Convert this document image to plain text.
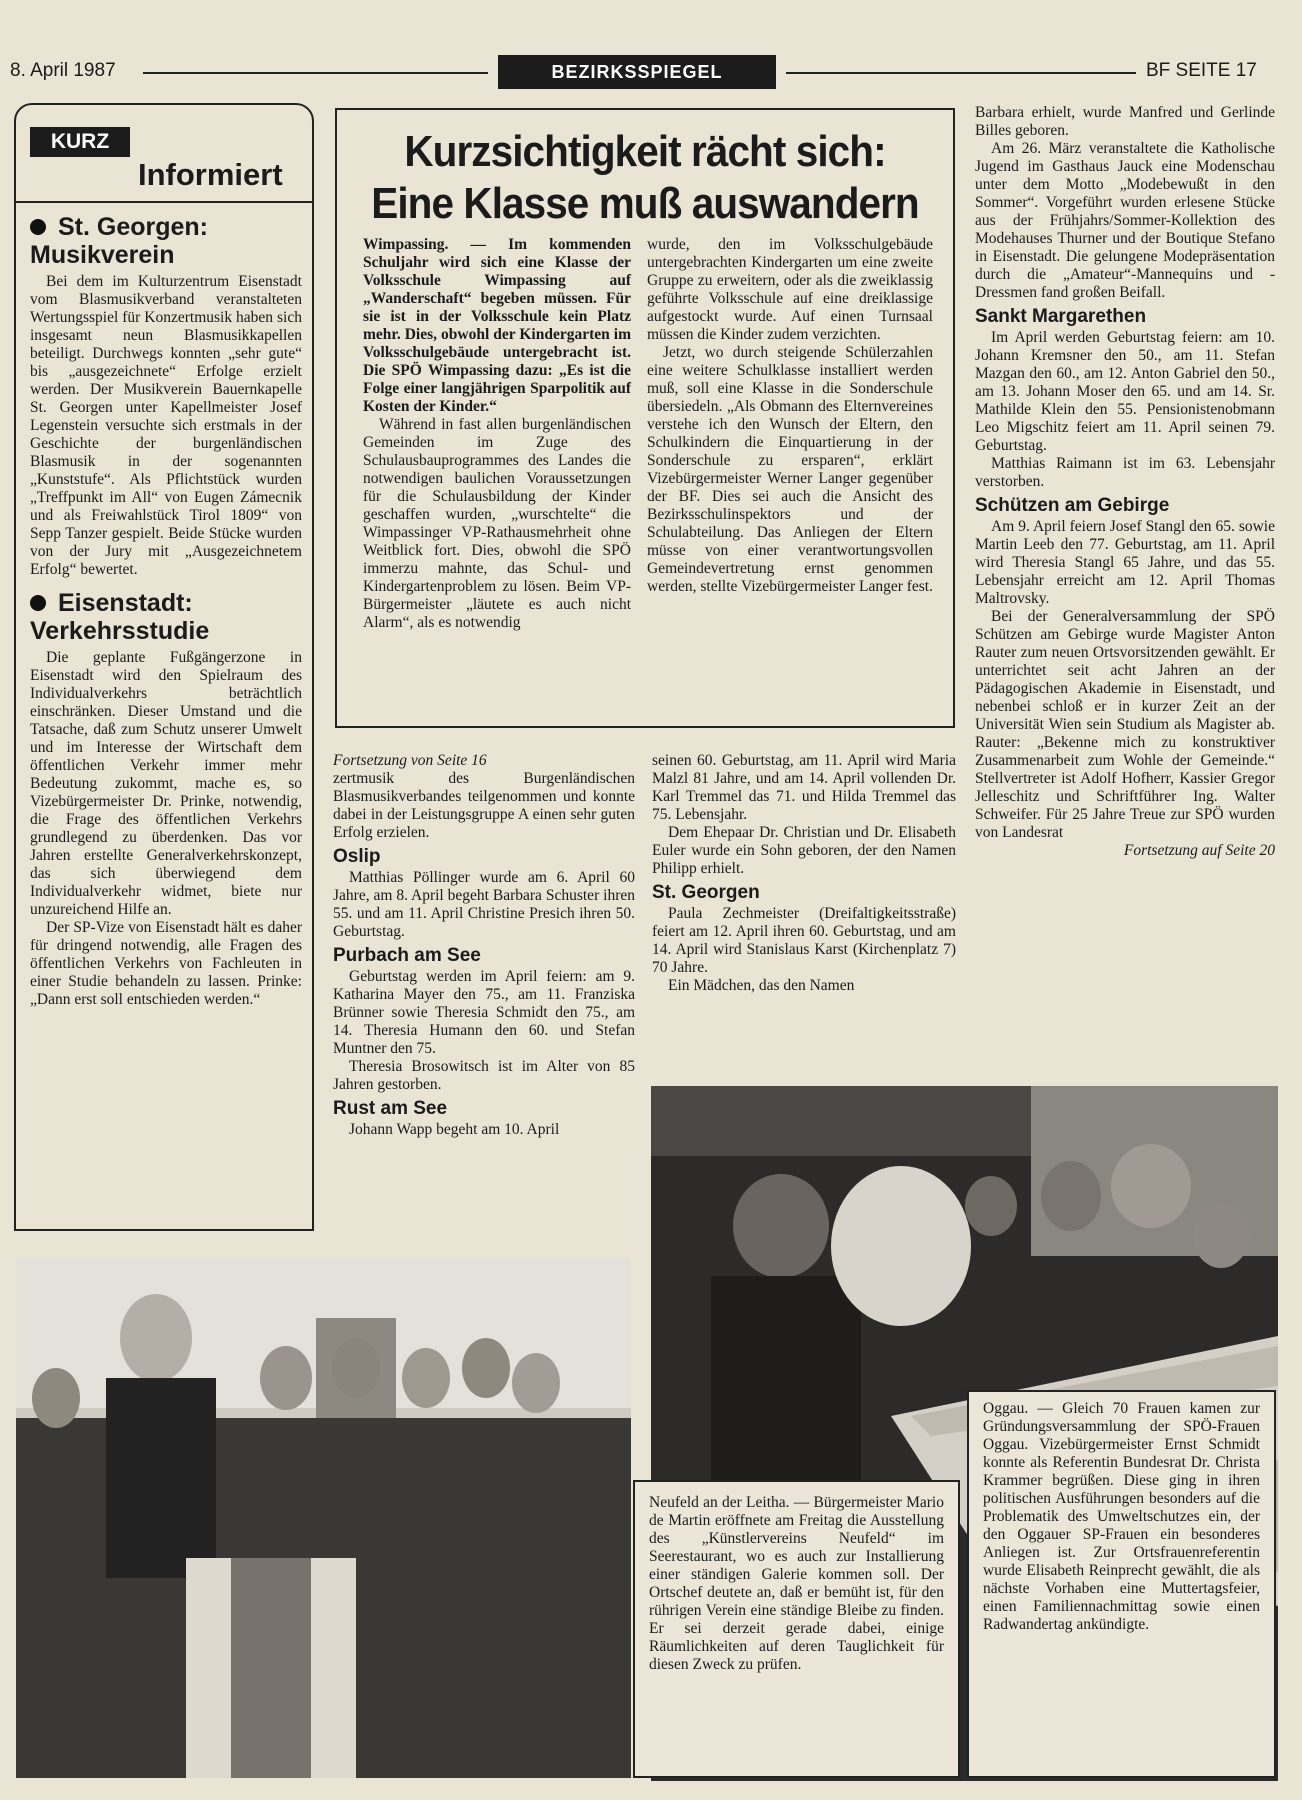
8. April 1987	BEZIRKSSPIEGEL	BF SEITE 17
KURZ
Informiert
St. Georgen: Musikverein

Bei dem im Kulturzentrum Eisenstadt vom Blasmusikverband veranstalteten Wertungsspiel für Konzertmusik haben sich insgesamt neun Blasmusikkapellen beteiligt. Durchwegs konnten „sehr gute“ bis „ausgezeichnete“ Erfolge erzielt werden. Der Musikverein Bauernkapelle St. Georgen unter Kapellmeister Josef Legenstein versuchte sich erstmals in der Geschichte der burgenländischen Blasmusik in der sogenannten „Kunststufe“. Als Pflichtstück wurden „Treffpunkt im All“ von Eugen Zámecnik und als Freiwahlstück Tirol 1809“ von Sepp Tanzer gespielt. Beide Stücke wurden von der Jury mit „Ausgezeichnetem Erfolg“ bewertet.

Eisenstadt: Verkehrsstudie

Die geplante Fußgängerzone in Eisenstadt wird den Spielraum des Individualverkehrs beträchtlich einschränken. Dieser Umstand und die Tatsache, daß zum Schutz unserer Umwelt und im Interesse der Wirtschaft dem öffentlichen Verkehr immer mehr Bedeutung zukommt, mache es, so Vizebürgermeister Dr. Prinke, notwendig, die Frage des öffentlichen Verkehrs grundlegend zu überdenken. Das vor Jahren erstellte Generalverkehrskonzept, das sich überwiegend dem Individualverkehr widmet, biete nur unzureichend Hilfe an.

Der SP-Vize von Eisenstadt hält es daher für dringend notwendig, alle Fragen des öffentlichen Verkehrs von Fachleuten in einer Studie behandeln zu lassen. Prinke: „Dann erst soll entschieden werden.“

Kurzsichtigkeit rächt sich:
Eine Klasse muß auswandern

Wimpassing. — Im kommenden Schuljahr wird sich eine Klasse der Volksschule Wimpassing auf „Wanderschaft“ begeben müssen. Für sie ist in der Volksschule kein Platz mehr. Dies, obwohl der Kindergarten im Volksschulgebäude untergebracht ist. Die SPÖ Wimpassing dazu: „Es ist die Folge einer langjährigen Sparpolitik auf Kosten der Kinder.“

Während in fast allen burgenländischen Gemeinden im Zuge des Schulausbauprogrammes des Landes die notwendigen baulichen Voraussetzungen für die Schulausbildung der Kinder geschaffen wurden, „wurschtelte“ die Wimpassinger VP-Rathausmehrheit ohne Weitblick fort. Dies, obwohl die SPÖ immerzu mahnte, das Schul- und Kindergartenproblem zu lösen. Beim VP-Bürgermeister „läutete es auch nicht Alarm“, als es notwendig

wurde, den im Volksschulgebäude untergebrachten Kindergarten um eine zweite Gruppe zu erweitern, oder als die zweiklassig geführte Volksschule auf eine dreiklassige aufgestockt wurde. Auf einen Turnsaal müssen die Kinder zudem verzichten.

Jetzt, wo durch steigende Schülerzahlen eine weitere Schulklasse installiert werden muß, soll eine Klasse in die Sonderschule übersiedeln. „Als Obmann des Elternvereines verstehe ich den Wunsch der Eltern, den Schulkindern die Einquartierung in der Sonderschule zu ersparen“, erklärt Vizebürgermeister Werner Langer gegenüber der BF. Dies sei auch die Ansicht des Bezirksschulinspektors und der Schulabteilung. Das Anliegen der Eltern müsse von einer verantwortungsvollen Gemeindevertretung ernst genommen werden, stellte Vizebürgermeister Langer fest.

Fortsetzung von Seite 16

zertmusik des Burgenländischen Blasmusikverbandes teilgenommen und konnte dabei in der Leistungsgruppe A einen sehr guten Erfolg erzielen.

Oslip

Matthias Pöllinger wurde am 6. April 60 Jahre, am 8. April begeht Barbara Schuster ihren 55. und am 11. April Christine Presich ihren 50. Geburtstag.

Purbach am See

Geburtstag werden im April feiern: am 9. Katharina Mayer den 75., am 11. Franziska Brünner sowie Theresia Schmidt den 75., am 14. Theresia Humann den 60. und Stefan Muntner den 75.

Theresia Brosowitsch ist im Alter von 85 Jahren gestorben.

Rust am See

Johann Wapp begeht am 10. April

seinen 60. Geburtstag, am 11. April wird Maria Malzl 81 Jahre, und am 14. April vollenden Dr. Karl Tremmel das 71. und Hilda Tremmel das 75. Lebensjahr.

Dem Ehepaar Dr. Christian und Dr. Elisabeth Euler wurde ein Sohn geboren, der den Namen Philipp erhielt.

St. Georgen

Paula Zechmeister (Dreifaltigkeitsstraße) feiert am 12. April ihren 60. Geburtstag, und am 14. April wird Stanislaus Karst (Kirchenplatz 7) 70 Jahre.

Ein Mädchen, das den Namen

Barbara erhielt, wurde Manfred und Gerlinde Billes geboren.

Am 26. März veranstaltete die Katholische Jugend im Gasthaus Jauck eine Modenschau unter dem Motto „Modebewußt in den Sommer“. Vorgeführt wurden erlesene Stücke aus der Frühjahrs/Sommer-Kollektion des Modehauses Thurner und der Boutique Stefano in Eisenstadt. Die gelungene Modepräsentation durch die „Amateur“-Mannequins und -Dressmen fand großen Beifall.

Sankt Margarethen

Im April werden Geburtstag feiern: am 10. Johann Kremsner den 50., am 11. Stefan Mazgan den 60., am 12. Anton Gabriel den 50., am 13. Johann Moser den 65. und am 14. Sr. Mathilde Klein den 55. Pensionistenobmann Leo Migschitz feiert am 11. April seinen 79. Geburtstag.

Matthias Raimann ist im 63. Lebensjahr verstorben.

Schützen am Gebirge

Am 9. April feiern Josef Stangl den 65. sowie Martin Leeb den 77. Geburtstag, am 11. April wird Theresia Stangl 65 Jahre, und das 55. Lebensjahr erreicht am 12. April Thomas Maltrovsky.

Bei der Generalversammlung der SPÖ Schützen am Gebirge wurde Magister Anton Rauter zum neuen Ortsvorsitzenden gewählt. Er unterrichtet seit acht Jahren an der Pädagogischen Akademie in Eisenstadt, und nebenbei schloß er in kurzer Zeit an der Universität Wien sein Studium als Magister ab. Rauter: „Bekenne mich zu konstruktiver Zusammenarbeit zum Wohle der Gemeinde.“ Stellvertreter ist Adolf Hofherr, Kassier Gregor Jelleschitz und Schriftführer Ing. Walter Schweifer. Für 25 Jahre Treue zur SPÖ wurden von Landesrat

Fortsetzung auf Seite 20

Oggau. — Gleich 70 Frauen kamen zur Gründungsversammlung der SPÖ-Frauen Oggau. Vizebürgermeister Ernst Schmidt konnte als Referentin Bundesrat Dr. Christa Krammer begrüßen. Diese ging in ihren politischen Ausführungen besonders auf die Problematik des Umweltschutzes ein, der den Oggauer SP-Frauen ein besonderes Anliegen ist. Zur Ortsfrauenreferentin wurde Elisabeth Reinprecht gewählt, die als nächste Vorhaben eine Muttertagsfeier, einen Familiennachmittag sowie einen Radwandertag ankündigte.

Neufeld an der Leitha. — Bürgermeister Mario de Martin eröffnete am Freitag die Ausstellung des „Künstlervereins Neufeld“ im Seerestaurant, wo es auch zur Installierung einer ständigen Galerie kommen soll. Der Ortschef deutete an, daß er bemüht ist, für den rührigen Verein eine ständige Bleibe zu finden. Er sei derzeit gerade dabei, einige Räumlichkeiten auf deren Tauglichkeit für diesen Zweck zu prüfen.
